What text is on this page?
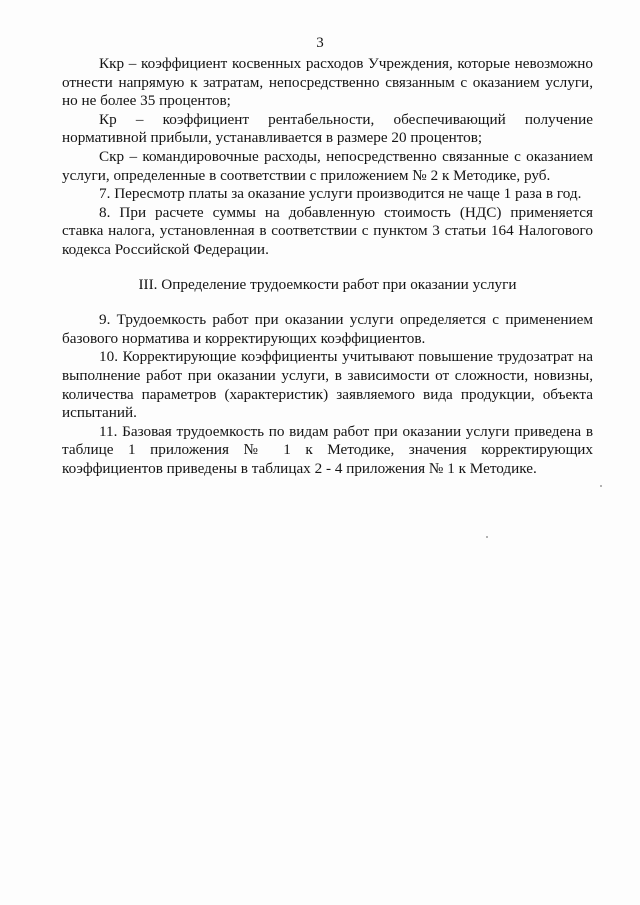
3

Ккр – коэффициент косвенных расходов Учреждения, которые невозможно отнести напрямую к затратам, непосредственно связанным с оказанием услуги, но не более 35 процентов;

Кр – коэффициент рентабельности, обеспечивающий получение
нормативной прибыли, устанавливается в размере 20 процентов;

Скр – командировочные расходы, непосредственно связанные с оказанием услуги, определенные в соответствии с приложением № 2 к Методике, руб.

7. Пересмотр платы за оказание услуги производится не чаще 1 раза в год.

8. При расчете суммы на добавленную стоимость (НДС) применяется ставка налога, установленная в соответствии с пунктом 3 статьи 164 Налогового кодекса Российской Федерации.

III. Определение трудоемкости работ при оказании услуги

9. Трудоемкость работ при оказании услуги определяется с применением базового норматива и корректирующих коэффициентов.

10. Корректирующие коэффициенты учитывают повышение трудозатрат на выполнение работ при оказании услуги, в зависимости от сложности, новизны, количества параметров (характеристик) заявляемого вида продукции, объекта испытаний.

11. Базовая трудоемкость по видам работ при оказании услуги приведена в таблице 1 приложения № 1 к Методике, значения корректирующих коэффициентов приведены в таблицах 2 - 4 приложения № 1 к Методике.
